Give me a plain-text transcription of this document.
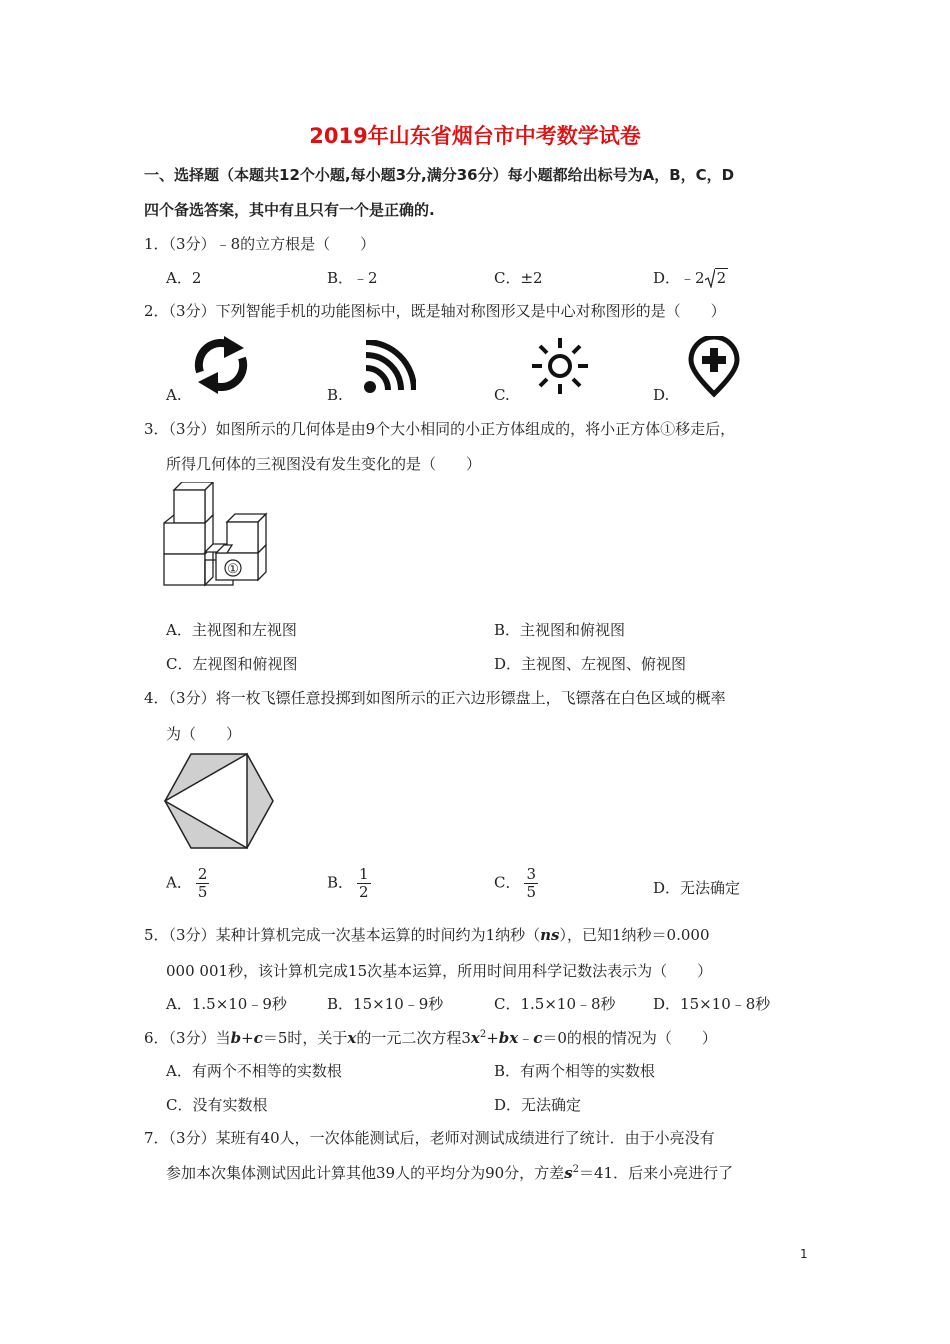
2019年山东省烟台市中考数学试卷
一、选择题（本题共12个小题,每小题3分,满分36分）每小题都给出标号为A，B，C，D
四个备选答案，其中有且只有一个是正确的.
1．（3分）﹣8的立方根是（　　）
A．2	B．﹣2	C．±2	D．﹣2 2
2．（3分）下列智能手机的功能图标中，既是轴对称图形又是中心对称图形的是（　　）
A.	B.	C.	D.
3．（3分）如图所示的几何体是由9个大小相同的小正方体组成的，将小正方体①移走后，
所得几何体的三视图没有发生变化的是（　　）
①
A．主视图和左视图	B．主视图和俯视图
C．左视图和俯视图	D．主视图、左视图、俯视图
4．（3分）将一枚飞镖任意投掷到如图所示的正六边形镖盘上，飞镖落在白色区域的概率
为（　　）
A． $\frac{2}{5}$	B． $\frac{1}{2}$	C． $\frac{3}{5}$	D．无法确定
5．（3分）某种计算机完成一次基本运算的时间约为1纳秒（ns），已知1纳秒＝0.000
000 001秒，该计算机完成15次基本运算，所用时间用科学记数法表示为（　　）
A．1.5×10﹣9秒	B．15×10﹣9秒	C．1.5×10﹣8秒 D．15×10﹣8秒
6．（3分）当b+c＝5时，关于x的一元二次方程$3x^2+bx﹣c=0$的根的情况为（　　）
A．有两个不相等的实数根	B．有两个相等的实数根
C．没有实数根	D．无法确定
7．（3分）某班有40人，一次体能测试后，老师对测试成绩进行了统计．由于小亮没有
参加本次集体测试因此计算其他39人的平均分为90分，方差$s^2=41$．后来小亮进行了
1
